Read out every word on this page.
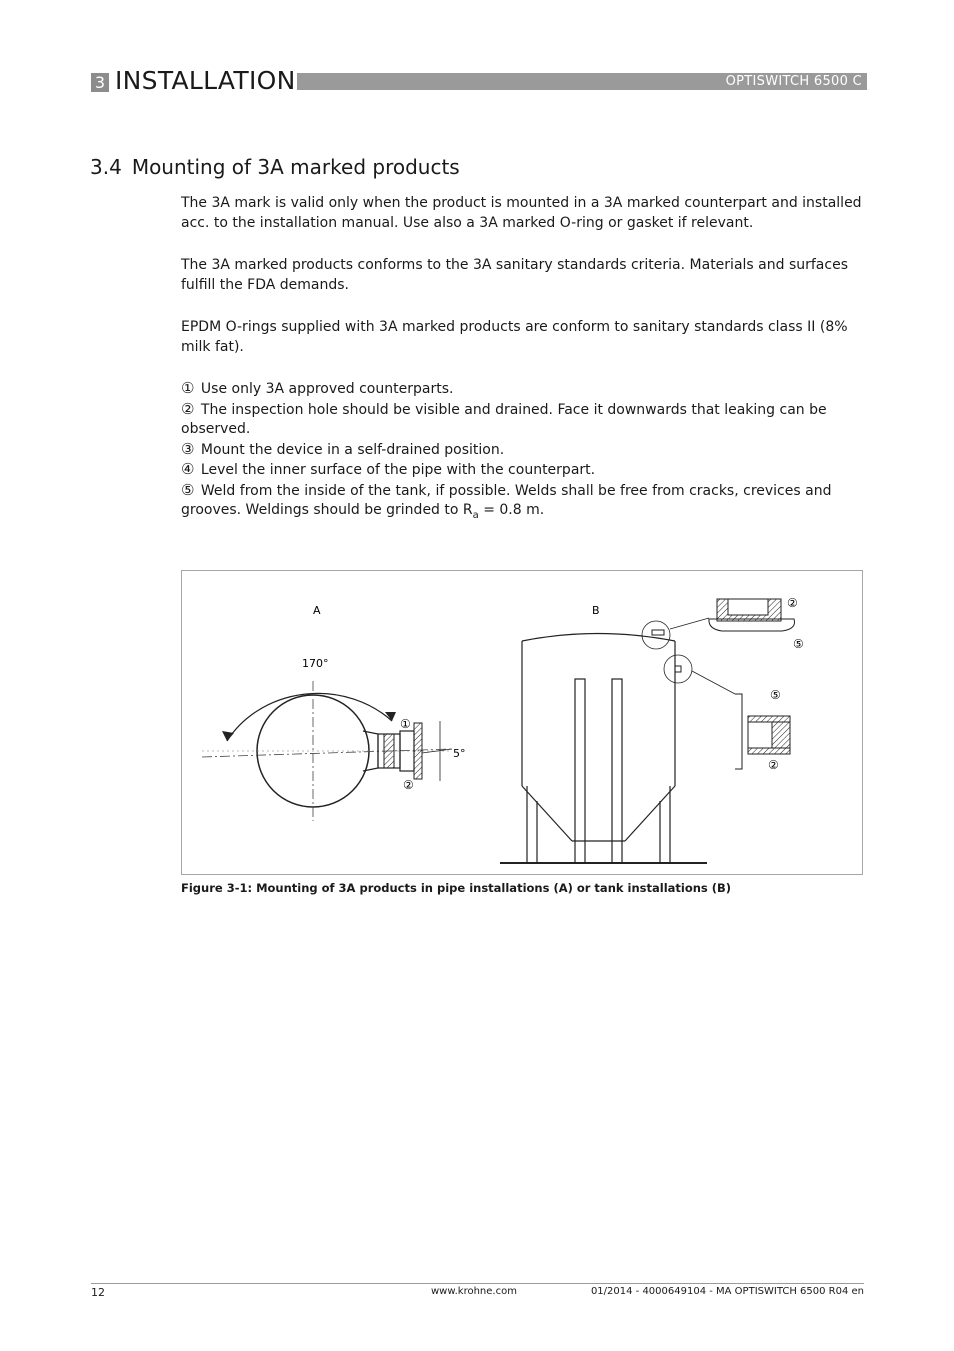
3 INSTALLATION	OPTISWITCH 6500 C
3.4 Mounting of 3A marked products

The 3A mark is valid only when the product is mounted in a 3A marked counterpart and installed acc. to the installation manual. Use also a 3A marked O-ring or gasket if relevant.

The 3A marked products conforms to the 3A sanitary standards criteria. Materials and surfaces fulfill the FDA demands.

EPDM O-rings supplied with 3A marked products are conform to sanitary standards class II (8% milk fat).

① Use only 3A approved counterparts.

② The inspection hole should be visible and drained. Face it downwards that leaking can be observed.

③ Mount the device in a self-drained position.

④ Level the inner surface of the pipe with the counterpart.

⑤ Weld from the inside of the tank, if possible. Welds shall be free from cracks, crevices and grooves. Weldings should be grinded to $R_a = 0.8$ m.

A	B
170°
5°
①
②
②
⑤
⑤
②
Figure 3-1: Mounting of 3A products in pipe installations (A) or tank installations (B)
12	www.krohne.com	01/2014 - 4000649104 - MA OPTISWITCH 6500 R04 en
